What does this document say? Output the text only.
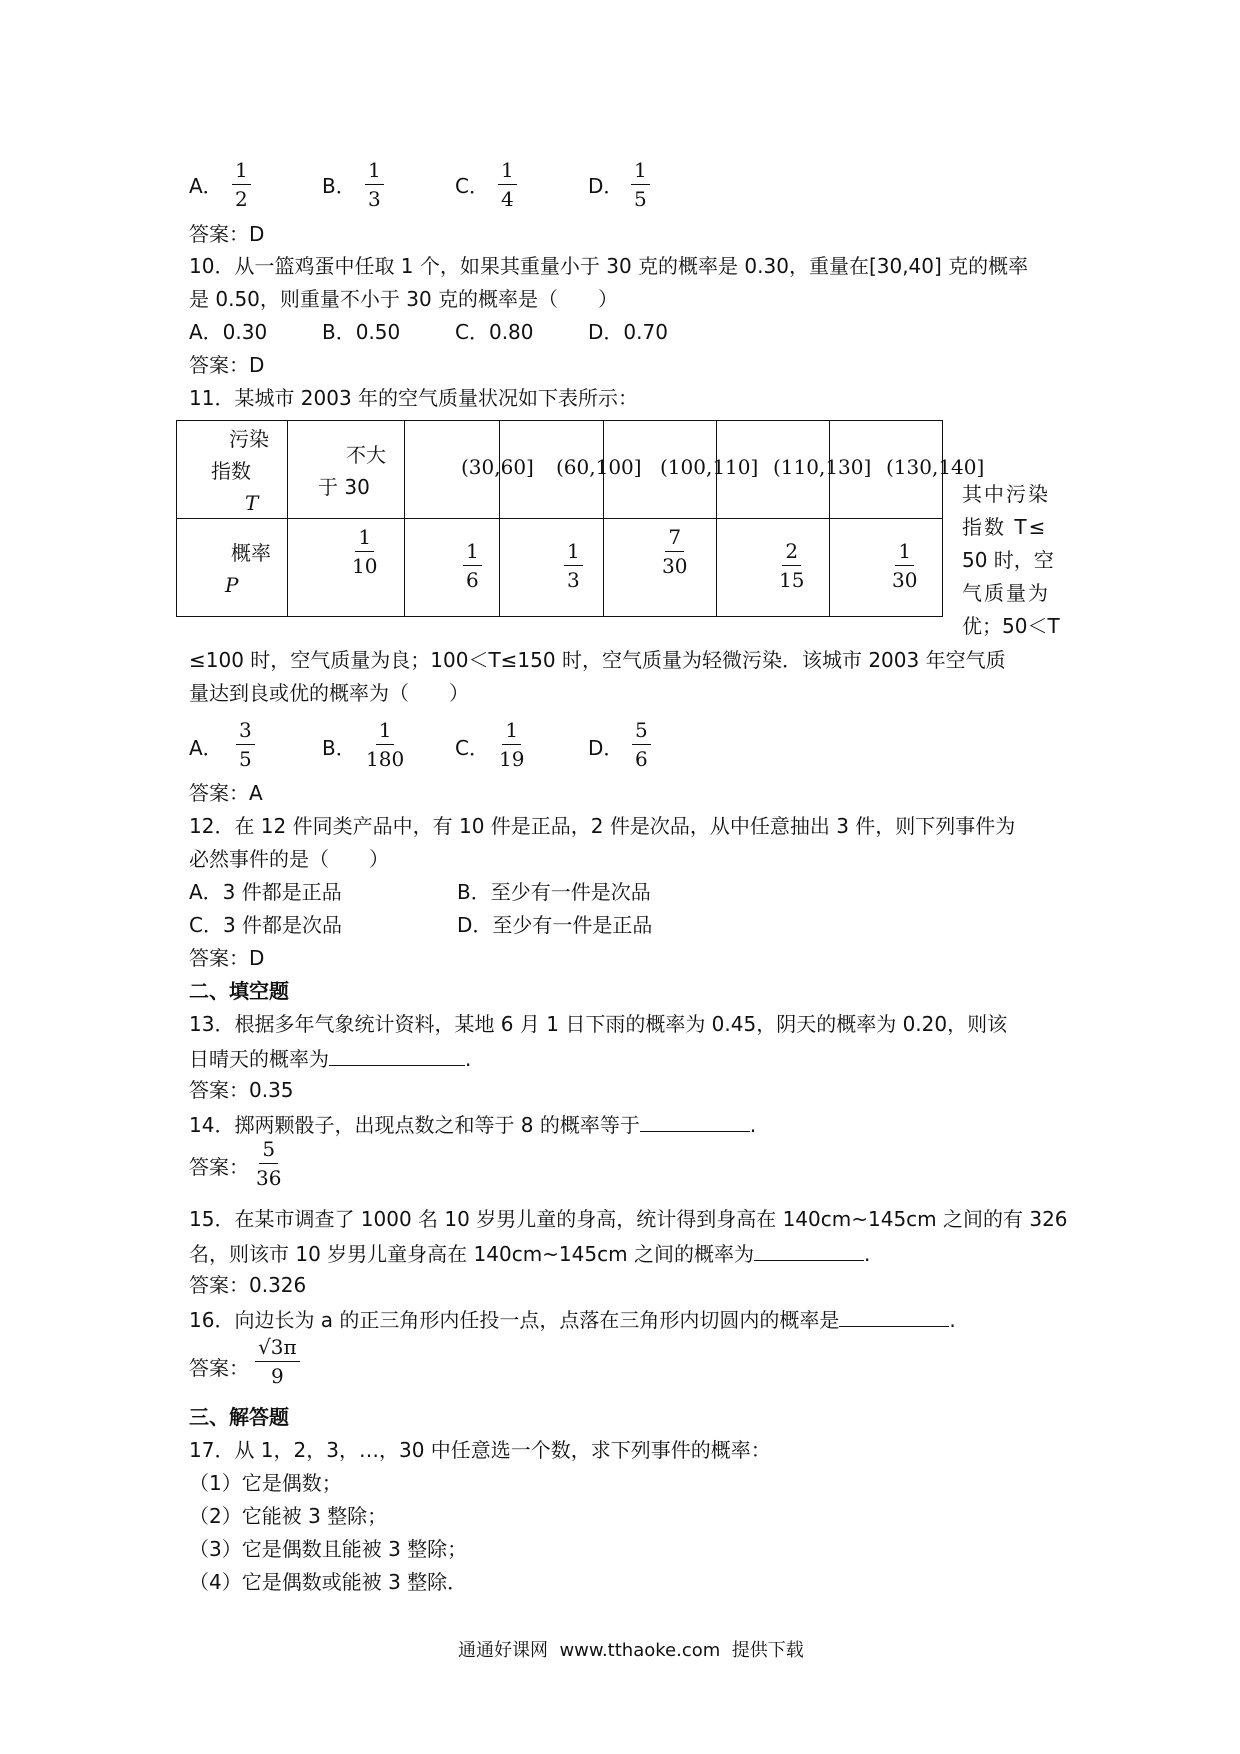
A． $\frac{1}{2}$	B． $\frac{1}{3}$	C． $\frac{1}{4}$	D． $\frac{1}{5}$
答案：D
10．从一篮鸡蛋中任取 1 个，如果其重量小于 30 克的概率是 0.30，重量在[30,40] 克的概率
是 0.50，则重量不小于 30 克的概率是（　　）
A．0.30	B．0.50	C．0.80	D．0.70
答案：D
11．某城市 2003 年的空气质量状况如下表所示：
污染
指数
T	不大
于 30	(30,60]	(60,100]	(100,110]	(110,130]	(130,140]

概率
P	$\frac{1}{10}$	$\frac{1}{6}$	$\frac{1}{3}$	$\frac{7}{30}$	$\frac{2}{15}$	$\frac{1}{30}$
其中污染
指数 T≤
50 时，空
气质量为
优；50＜T
≤100 时，空气质量为良；100＜T≤150 时，空气质量为轻微污染．该城市 2003 年空气质
量达到良或优的概率为（　　）
A． $\frac{3}{5}$	B． $\frac{1}{180}$	C． $\frac{1}{19}$	D． $\frac{5}{6}$
答案：A
12．在 12 件同类产品中，有 10 件是正品，2 件是次品，从中任意抽出 3 件，则下列事件为
必然事件的是（　　）
A．3 件都是正品	B．至少有一件是次品
C．3 件都是次品	D．至少有一件是正品
答案：D
二、填空题
13．根据多年气象统计资料，某地 6 月 1 日下雨的概率为 0.45，阴天的概率为 0.20，则该
日晴天的概率为	.
答案：0.35
14．掷两颗骰子，出现点数之和等于 8 的概率等于	.
答案： $\frac{5}{36}$
15．在某市调查了 1000 名 10 岁男儿童的身高，统计得到身高在 140cm~145cm 之间的有 326
名，则该市 10 岁男儿童身高在 140cm~145cm 之间的概率为	.
答案：0.326
16．向边长为 a 的正三角形内任投一点，点落在三角形内切圆内的概率是	.
答案： $\frac{√3\pi}{9}$
三、解答题
17．从 1，2，3，…，30 中任意选一个数，求下列事件的概率：
（1）它是偶数；
（2）它能被 3 整除；
（3）它是偶数且能被 3 整除；
（4）它是偶数或能被 3 整除．
通通好课网  www.tthaoke.com  提供下载
